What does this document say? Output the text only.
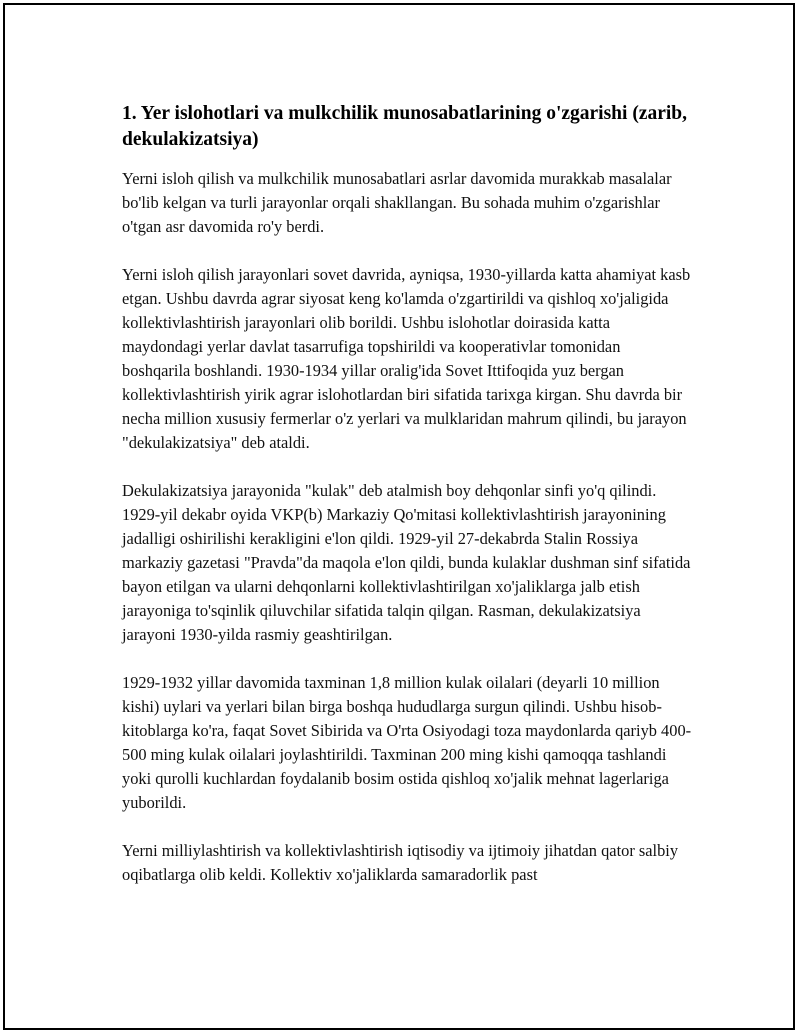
1. Yer islohotlari va mulkchilik munosabatlarining o'zgarishi (zarib, dekulakizatsiya)

Yerni isloh qilish va mulkchilik munosabatlari asrlar davomida murakkab masalalar bo'lib kelgan va turli jarayonlar orqali shakllangan. Bu sohada muhim o'zgarishlar o'tgan asr davomida ro'y berdi.

Yerni isloh qilish jarayonlari sovet davrida, ayniqsa, 1930-yillarda katta ahamiyat kasb etgan. Ushbu davrda agrar siyosat keng ko'lamda o'zgartirildi va qishloq xo'jaligida kollektivlashtirish jarayonlari olib borildi. Ushbu islohotlar doirasida katta maydondagi yerlar davlat tasarrufiga topshirildi va kooperativlar tomonidan boshqarila boshlandi. 1930-1934 yillar oralig'ida Sovet Ittifoqida yuz bergan kollektivlashtirish yirik agrar islohotlardan biri sifatida tarixga kirgan. Shu davrda bir necha million xususiy fermerlar o'z yerlari va mulklaridan mahrum qilindi, bu jarayon "dekulakizatsiya" deb ataldi.

Dekulakizatsiya jarayonida "kulak" deb atalmish boy dehqonlar sinfi yo'q qilindi. 1929-yil dekabr oyida VKP(b) Markaziy Qo'mitasi kollektivlashtirish jarayonining jadalligi oshirilishi kerakligini e'lon qildi. 1929-yil 27-dekabrda Stalin Rossiya markaziy gazetasi "Pravda"da maqola e'lon qildi, bunda kulaklar dushman sinf sifatida bayon etilgan va ularni dehqonlarni kollektivlashtirilgan xo'jaliklarga jalb etish jarayoniga to'sqinlik qiluvchilar sifatida talqin qilgan. Rasman, dekulakizatsiya jarayoni 1930-yilda rasmiy geashtirilgan.

1929-1932 yillar davomida taxminan 1,8 million kulak oilalari (deyarli 10 million kishi) uylari va yerlari bilan birga boshqa hududlarga surgun qilindi. Ushbu hisob-kitoblarga ko'ra, faqat Sovet Sibirida va O'rta Osiyodagi toza maydonlarda qariyb 400-500 ming kulak oilalari joylashtirildi. Taxminan 200 ming kishi qamoqqa tashlandi yoki qurolli kuchlardan foydalanib bosim ostida qishloq xo'jalik mehnat lagerlariga yuborildi.

Yerni milliylashtirish va kollektivlashtirish iqtisodiy va ijtimoiy jihatdan qator salbiy oqibatlarga olib keldi. Kollektiv xo'jaliklarda samaradorlik past
